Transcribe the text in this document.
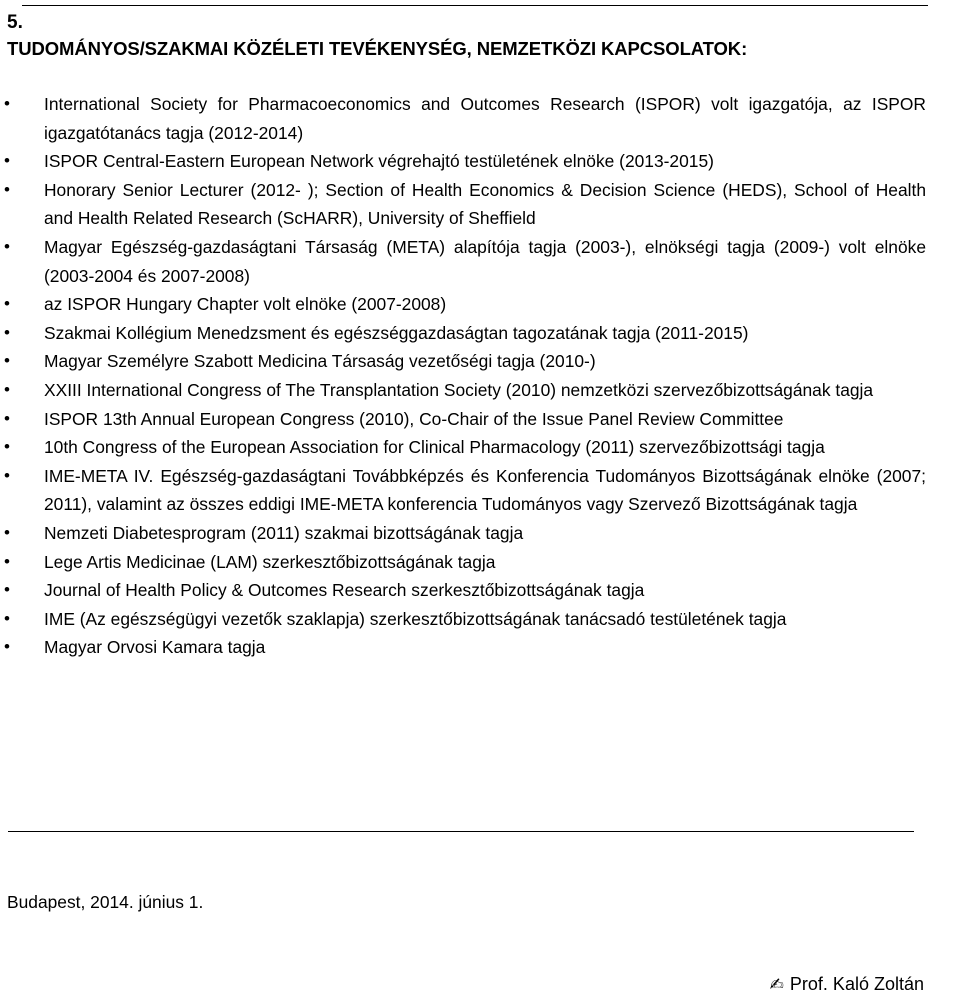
5.
TUDOMÁNYOS/SZAKMAI KÖZÉLETI TEVÉKENYSÉG, NEMZETKÖZI KAPCSOLATOK:
•	International Society for Pharmacoeconomics and Outcomes Research (ISPOR) volt igazgatója, az ISPOR igazgatótanács tagja (2012-2014)
•	ISPOR Central-Eastern European Network végrehajtó testületének elnöke (2013-2015)
•	Honorary Senior Lecturer (2012- ); Section of Health Economics & Decision Science (HEDS), School of Health and Health Related Research (ScHARR), University of Sheffield
•	Magyar Egészség-gazdaságtani Társaság (META) alapítója tagja (2003-), elnökségi tagja (2009-) volt elnöke (2003-2004 és 2007-2008)
•	az ISPOR Hungary Chapter volt elnöke (2007-2008)
•	Szakmai Kollégium Menedzsment és egészséggazdaságtan tagozatának tagja (2011-2015)
•	Magyar Személyre Szabott Medicina Társaság vezetőségi tagja (2010-)
•	XXIII International Congress of The Transplantation Society (2010) nemzetközi szervezőbizottságának tagja
•	ISPOR 13th Annual European Congress (2010), Co-Chair of the Issue Panel Review Committee
•	10th Congress of the European Association for Clinical Pharmacology (2011) szervezőbizottsági tagja
•	IME-META IV. Egészség-gazdaságtani Továbbképzés és Konferencia Tudományos Bizottságának elnöke (2007; 2011), valamint az összes eddigi IME-META konferencia Tudományos vagy Szervező Bizottságának tagja
•	Nemzeti Diabetesprogram (2011) szakmai bizottságának tagja
•	Lege Artis Medicinae (LAM) szerkesztőbizottságának tagja
•	Journal of Health Policy & Outcomes Research szerkesztőbizottságának tagja
•	IME (Az egészségügyi vezetők szaklapja) szerkesztőbizottságának tanácsadó testületének tagja
•	Magyar Orvosi Kamara tagja
Budapest, 2014. június 1.
✍ Prof. Kaló Zoltán
